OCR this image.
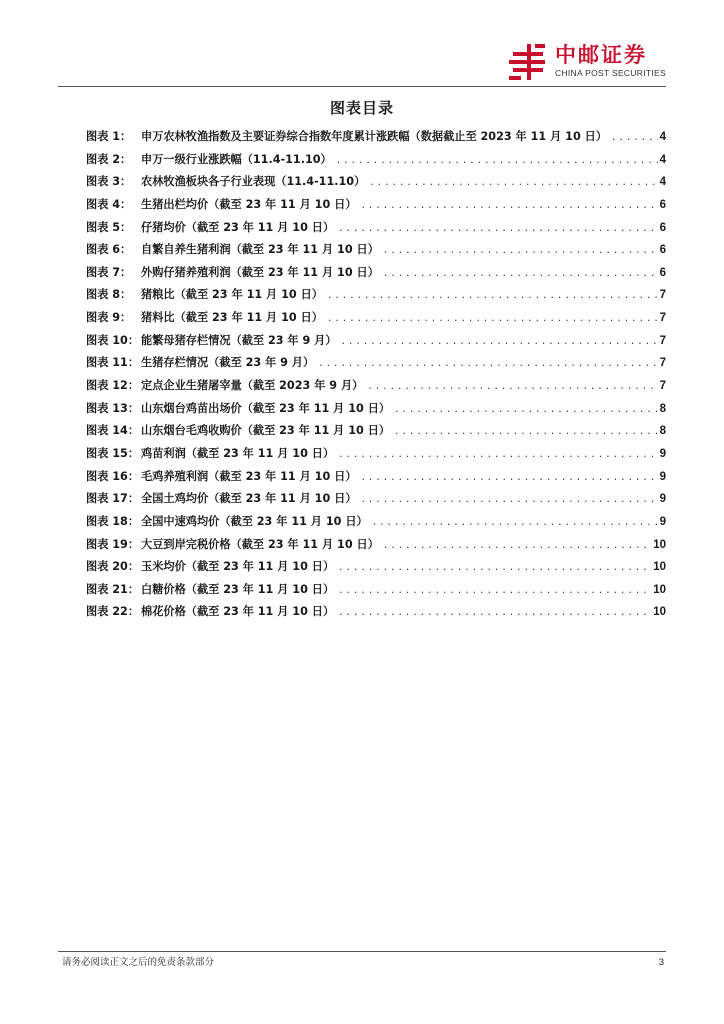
中邮证券
CHINA POST SECURITIES
图表目录
图表 1： 申万农林牧渔指数及主要证券综合指数年度累计涨跌幅（数据截止至 2023 年 11 月 10 日） .....	4
图表 2： 申万一级行业涨跌幅（11.4-11.10） .....	4
图表 3： 农林牧渔板块各子行业表现（11.4-11.10） .....	4
图表 4： 生猪出栏均价（截至 23 年 11 月 10 日） .....	6
图表 5： 仔猪均价（截至 23 年 11 月 10 日） .....	6
图表 6： 自繁自养生猪利润（截至 23 年 11 月 10 日） .....	6
图表 7： 外购仔猪养殖利润（截至 23 年 11 月 10 日） .....	6
图表 8： 猪粮比（截至 23 年 11 月 10 日） .....	7
图表 9： 猪料比（截至 23 年 11 月 10 日） .....	7
图表 10： 能繁母猪存栏情况（截至 23 年 9 月） .....	7
图表 11： 生猪存栏情况（截至 23 年 9 月） .....	7
图表 12： 定点企业生猪屠宰量（截至 2023 年 9 月） .....	7
图表 13： 山东烟台鸡苗出场价（截至 23 年 11 月 10 日） .....	8
图表 14： 山东烟台毛鸡收购价（截至 23 年 11 月 10 日） .....	8
图表 15： 鸡苗利润（截至 23 年 11 月 10 日） .....	9
图表 16： 毛鸡养殖利润（截至 23 年 11 月 10 日） .....	9
图表 17： 全国土鸡均价（截至 23 年 11 月 10 日） .....	9
图表 18： 全国中速鸡均价（截至 23 年 11 月 10 日） .....	9
图表 19： 大豆到岸完税价格（截至 23 年 11 月 10 日） .....	10
图表 20： 玉米均价（截至 23 年 11 月 10 日） .....	10
图表 21： 白糖价格（截至 23 年 11 月 10 日） .....	10
图表 22： 棉花价格（截至 23 年 11 月 10 日） .....	10
请务必阅读正文之后的免责条款部分	3
